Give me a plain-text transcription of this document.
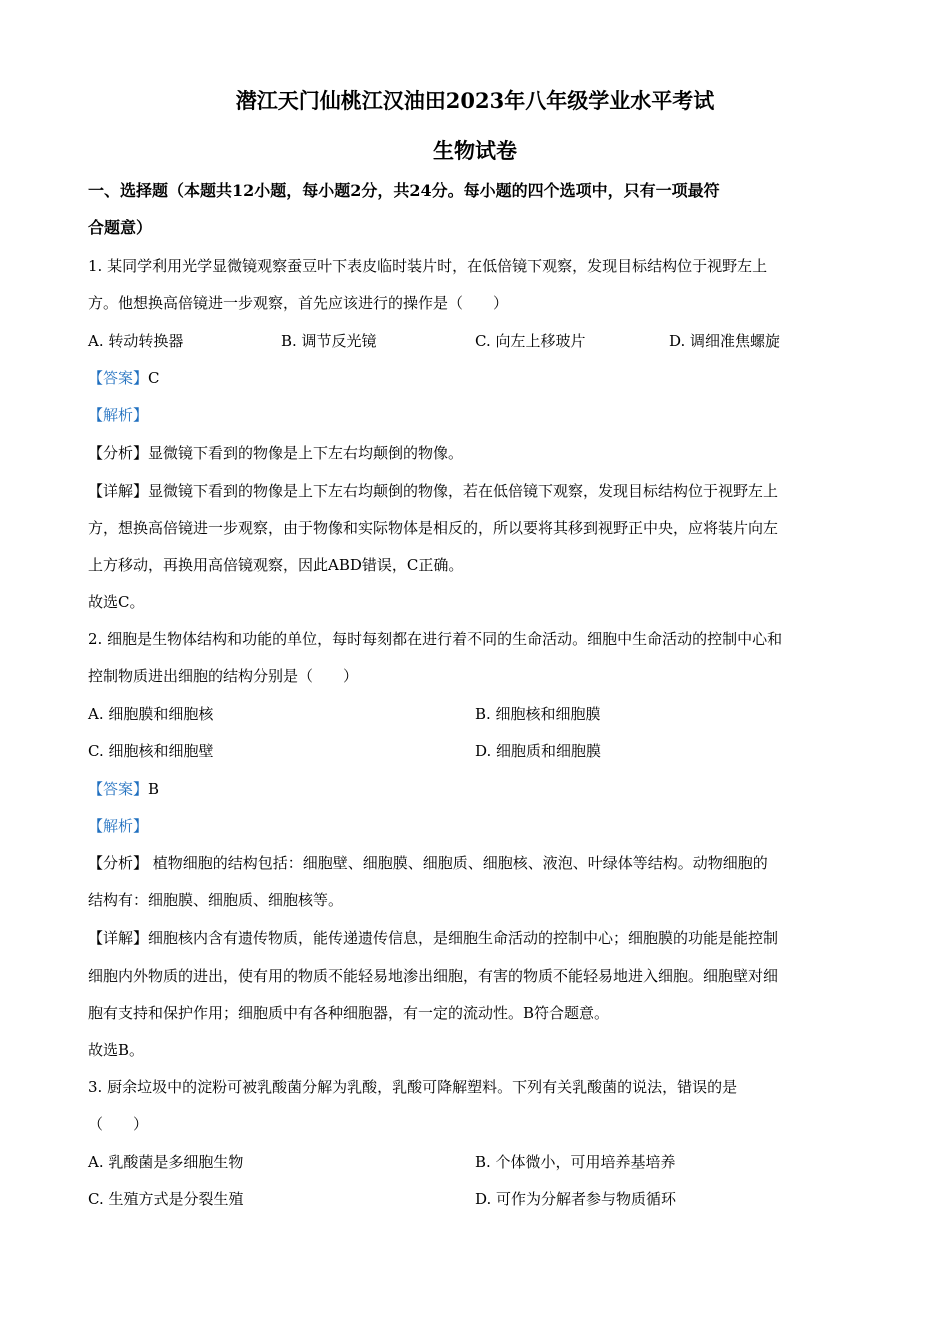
潜江天门仙桃江汉油田2023年八年级学业水平考试
生物试卷
一、选择题（本题共12小题，每小题2分，共24分。每小题的四个选项中，只有一项最符
合题意）
1. 某同学利用光学显微镜观察蚕豆叶下表皮临时装片时，在低倍镜下观察，发现目标结构位于视野左上
方。他想换高倍镜进一步观察，首先应该进行的操作是（　　）
A. 转动转换器	B. 调节反光镜	C. 向左上移玻片	D. 调细准焦螺旋
【答案】C
【解析】
【分析】显微镜下看到的物像是上下左右均颠倒的物像。
【详解】显微镜下看到的物像是上下左右均颠倒的物像，若在低倍镜下观察，发现目标结构位于视野左上
方，想换高倍镜进一步观察，由于物像和实际物体是相反的，所以要将其移到视野正中央，应将装片向左
上方移动，再换用高倍镜观察，因此ABD错误，C正确。
故选C。
2. 细胞是生物体结构和功能的单位，每时每刻都在进行着不同的生命活动。细胞中生命活动的控制中心和
控制物质进出细胞的结构分别是（　　）
A. 细胞膜和细胞核	B. 细胞核和细胞膜
C. 细胞核和细胞壁	D. 细胞质和细胞膜
【答案】B
【解析】
【分析】 植物细胞的结构包括：细胞壁、细胞膜、细胞质、细胞核、液泡、叶绿体等结构。动物细胞的
结构有：细胞膜、细胞质、细胞核等。
【详解】细胞核内含有遗传物质，能传递遗传信息，是细胞生命活动的控制中心；细胞膜的功能是能控制
细胞内外物质的进出，使有用的物质不能轻易地渗出细胞，有害的物质不能轻易地进入细胞。细胞壁对细
胞有支持和保护作用；细胞质中有各种细胞器，有一定的流动性。B符合题意。
故选B。
3. 厨余垃圾中的淀粉可被乳酸菌分解为乳酸，乳酸可降解塑料。下列有关乳酸菌的说法，错误的是
（　　）
A. 乳酸菌是多细胞生物	B. 个体微小，可用培养基培养
C. 生殖方式是分裂生殖	D. 可作为分解者参与物质循环
